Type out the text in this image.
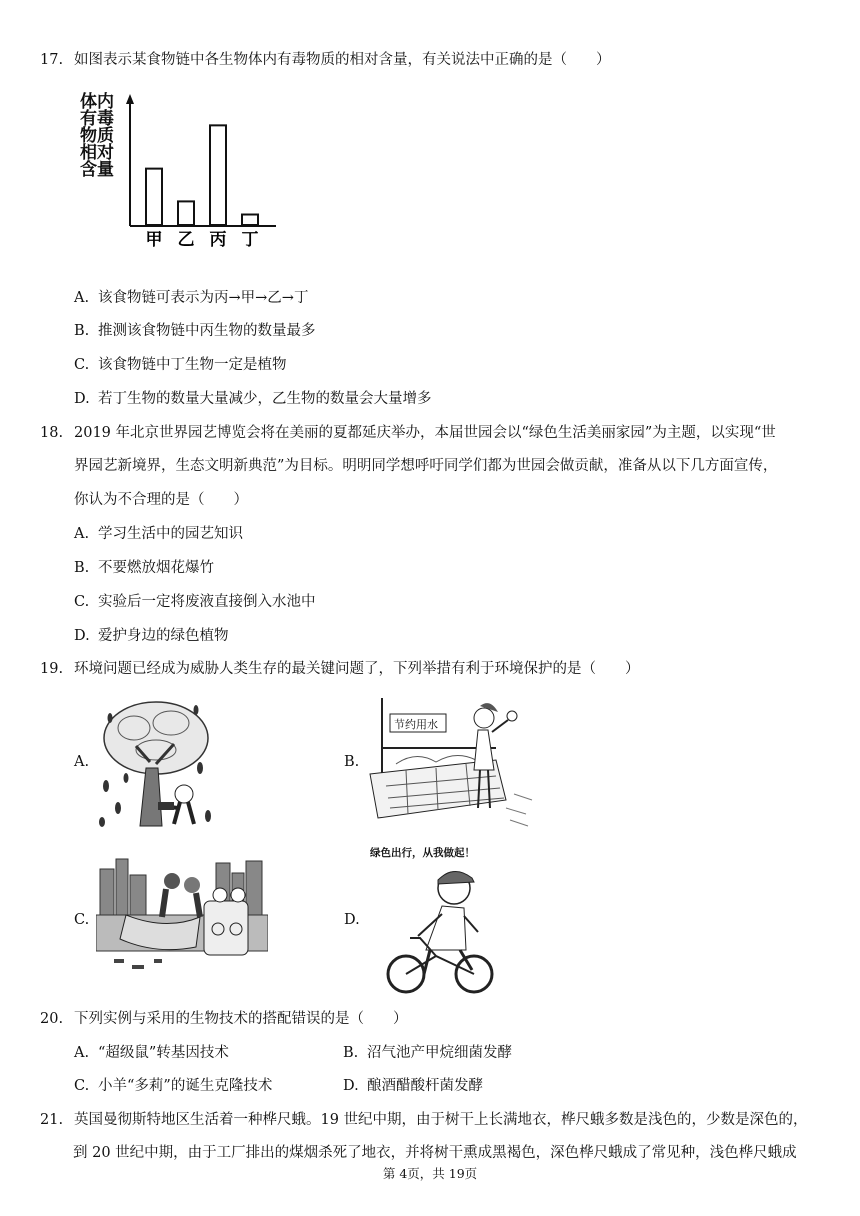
17. 如图表示某食物链中各生物体内有毒物质的相对含量，有关说法中正确的是（　　）
体有物相含
内毒质对量
甲 乙 丙 丁
A. 该食物链可表示为丙→甲→乙→丁
B. 推测该食物链中丙生物的数量最多
C. 该食物链中丁生物一定是植物
D. 若丁生物的数量大量减少，乙生物的数量会大量增多
18. 2019 年北京世界园艺博览会将在美丽的夏都延庆举办，本届世园会以“绿色生活美丽家园”为主题，以实现“世
界园艺新境界，生态文明新典范”为目标。明明同学想呼吁同学们都为世园会做贡献，准备从以下几方面宣传，
你认为不合理的是（　　）
A. 学习生活中的园艺知识
B. 不要燃放烟花爆竹
C. 实验后一定将废液直接倒入水池中
D. 爱护身边的绿色植物
19. 环境问题已经成为威胁人类生存的最关键问题了，下列举措有利于环境保护的是（　　）
A.	B.
节约用水
C.	D.
绿色出行，从我做起！
20. 下列实例与采用的生物技术的搭配错误的是（　　）
A. “超级鼠”转基因技术	B. 沼气池产甲烷细菌发酵
C. 小羊“多莉”的诞生克隆技术	D. 酿酒醋酸杆菌发酵
21. 英国曼彻斯特地区生活着一种桦尺蛾。19 世纪中期，由于树干上长满地衣，桦尺蛾多数是浅色的，少数是深色的，
到 20 世纪中期，由于工厂排出的煤烟杀死了地衣，并将树干熏成黑褐色，深色桦尺蛾成了常见种，浅色桦尺蛾成
第 4页，共 19页
